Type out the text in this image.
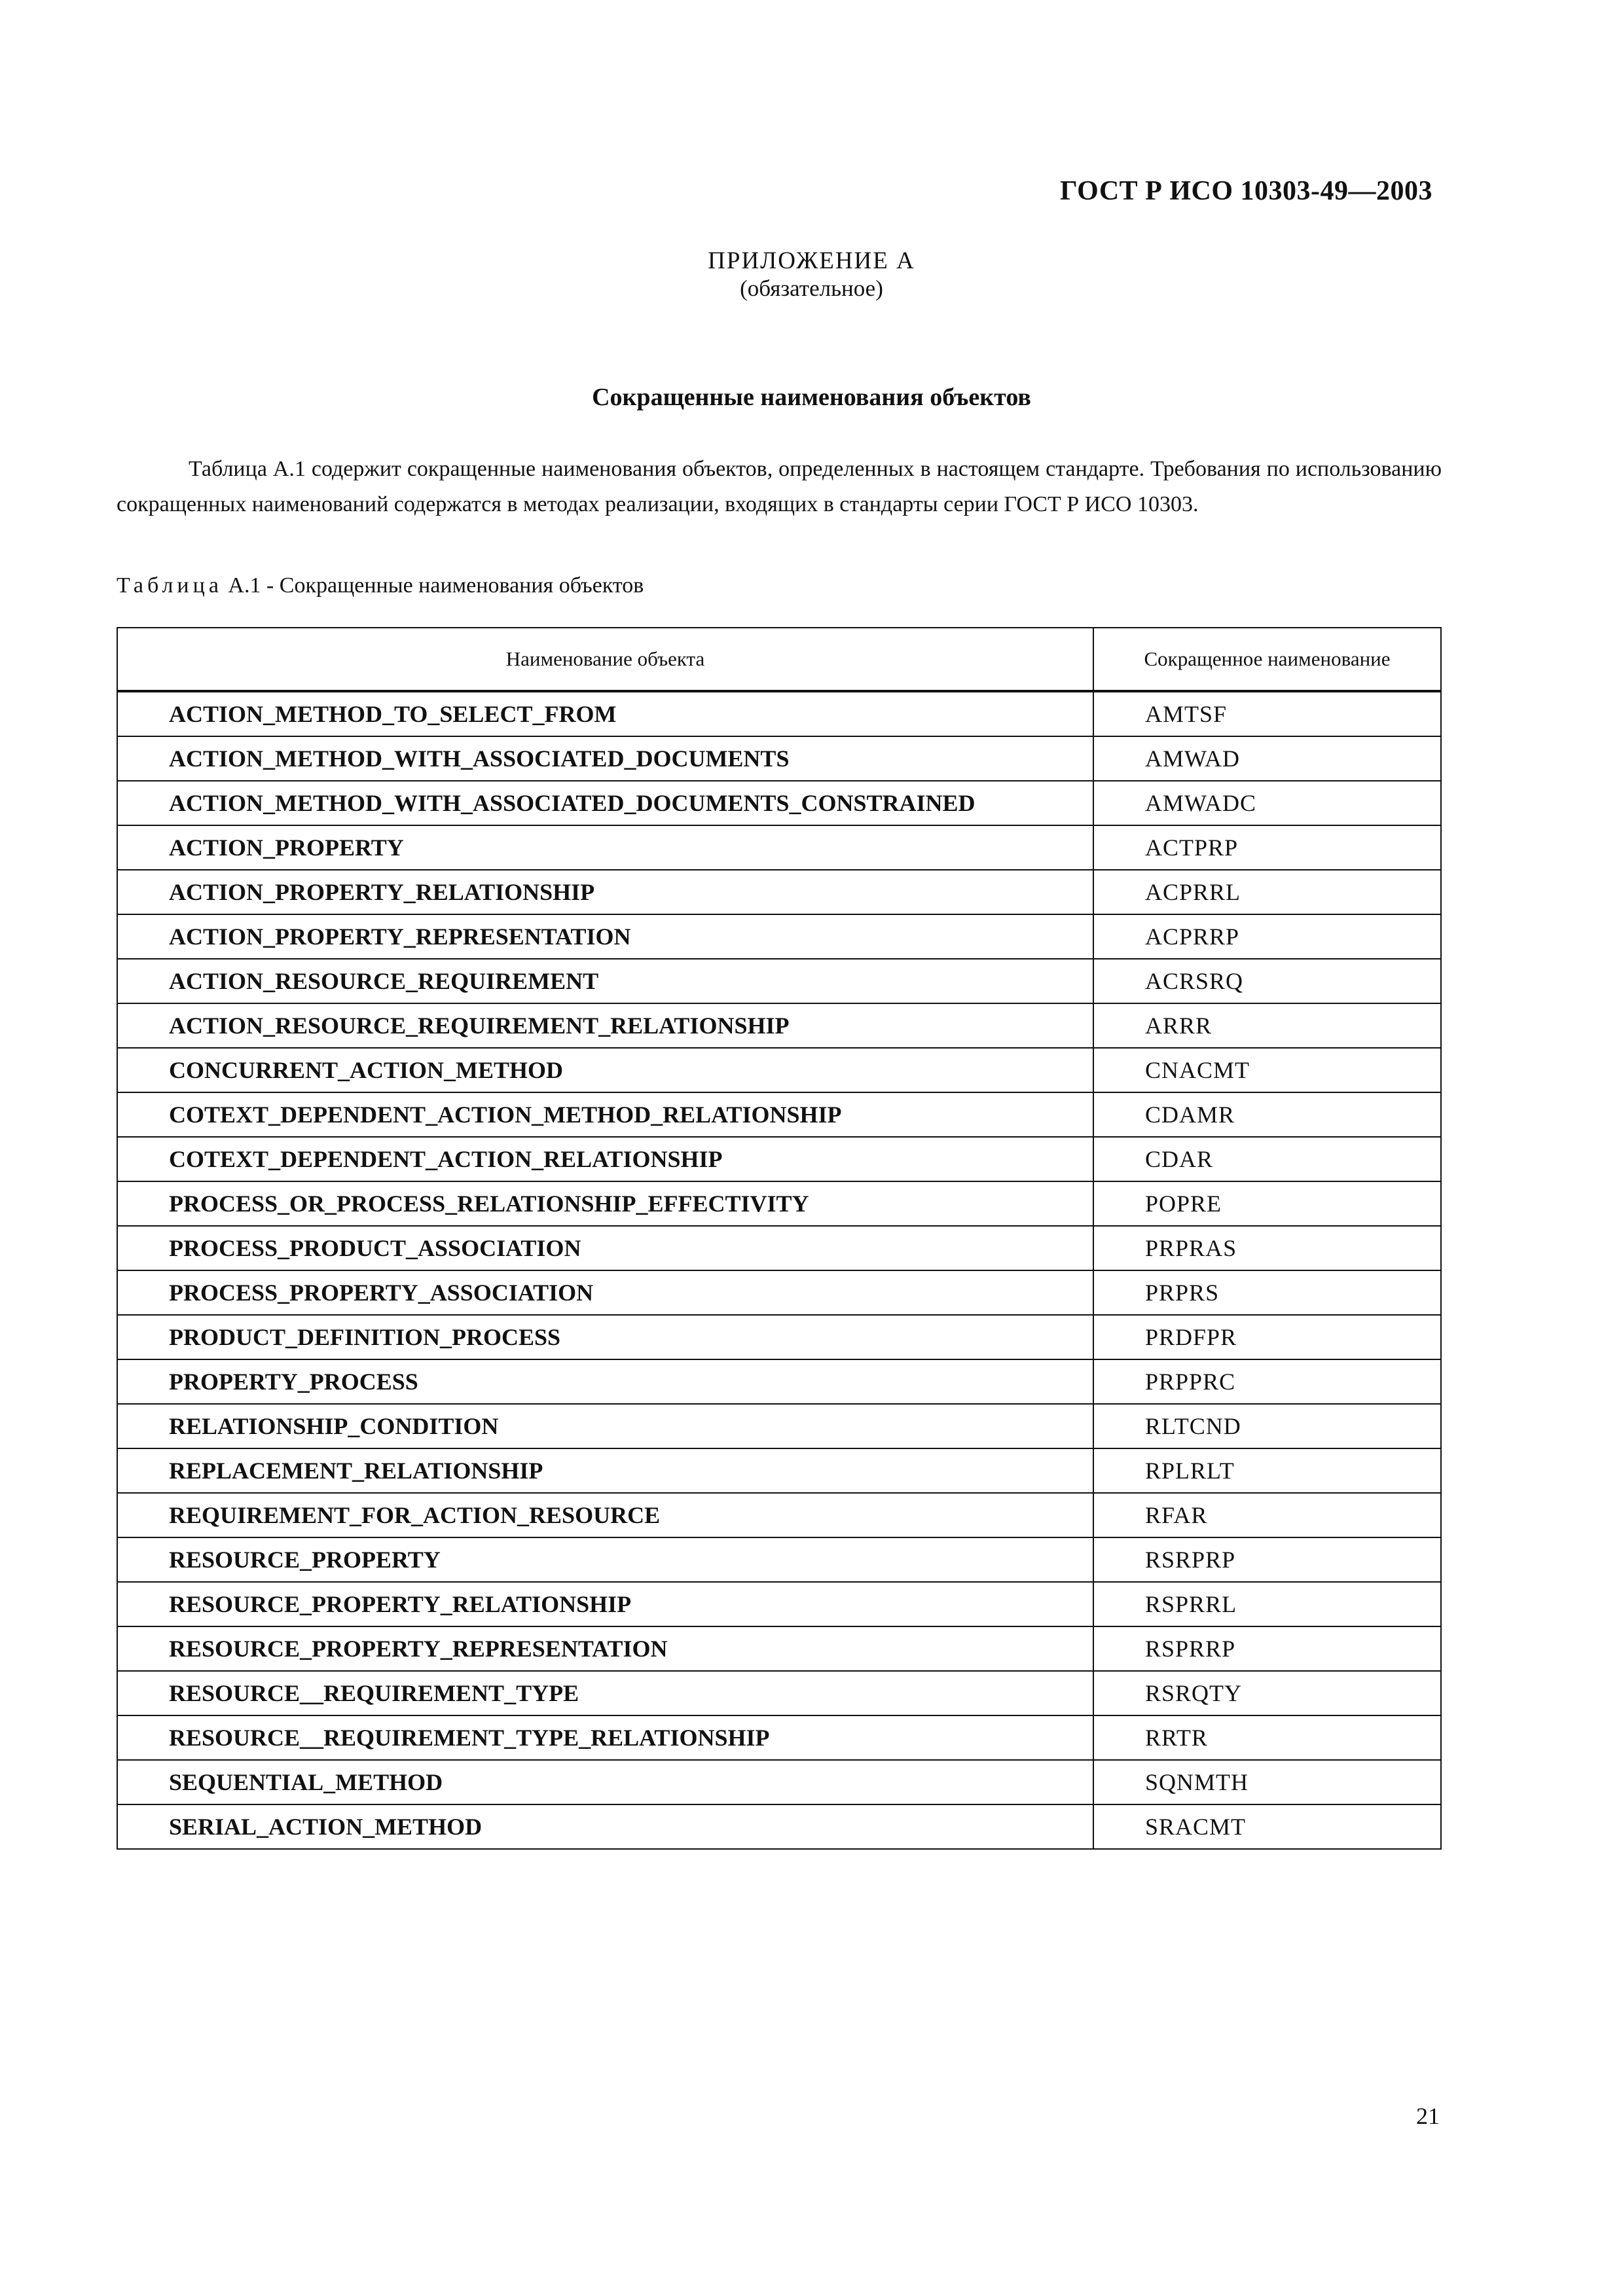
ГОСТ Р ИСО 10303-49—2003
ПРИЛОЖЕНИЕ А
(обязательное)
Сокращенные наименования объектов

Таблица А.1 содержит сокращенные наименования объектов, определенных в настоящем стандарте. Требования по использованию сокращенных наименований содержатся в методах реализации, входящих в стандарты серии ГОСТ Р ИСО 10303.

Таблица А.1 - Сокращенные наименования объектов
Наименование объекта	Сокращенное наименование
ACTION_METHOD_TO_SELECT_FROM	AMTSF
ACTION_METHOD_WITH_ASSOCIATED_DOCUMENTS	AMWAD
ACTION_METHOD_WITH_ASSOCIATED_DOCUMENTS_CONSTRAINED	AMWADC
ACTION_PROPERTY	ACTPRP
ACTION_PROPERTY_RELATIONSHIP	ACPRRL
ACTION_PROPERTY_REPRESENTATION	ACPRRP
ACTION_RESOURCE_REQUIREMENT	ACRSRQ
ACTION_RESOURCE_REQUIREMENT_RELATIONSHIP	ARRR
CONCURRENT_ACTION_METHOD	CNACMT
COTEXT_DEPENDENT_ACTION_METHOD_RELATIONSHIP	CDAMR
COTEXT_DEPENDENT_ACTION_RELATIONSHIP	CDAR
PROCESS_OR_PROCESS_RELATIONSHIP_EFFECTIVITY	POPRE
PROCESS_PRODUCT_ASSOCIATION	PRPRAS
PROCESS_PROPERTY_ASSOCIATION	PRPRS
PRODUCT_DEFINITION_PROCESS	PRDFPR
PROPERTY_PROCESS	PRPPRC
RELATIONSHIP_CONDITION	RLTCND
REPLACEMENT_RELATIONSHIP	RPLRLT
REQUIREMENT_FOR_ACTION_RESOURCE	RFAR
RESOURCE_PROPERTY	RSRPRP
RESOURCE_PROPERTY_RELATIONSHIP	RSPRRL
RESOURCE_PROPERTY_REPRESENTATION	RSPRRP
RESOURCE__REQUIREMENT_TYPE	RSRQTY
RESOURCE__REQUIREMENT_TYPE_RELATIONSHIP	RRTR
SEQUENTIAL_METHOD	SQNMTH
SERIAL_ACTION_METHOD	SRACMT
21
